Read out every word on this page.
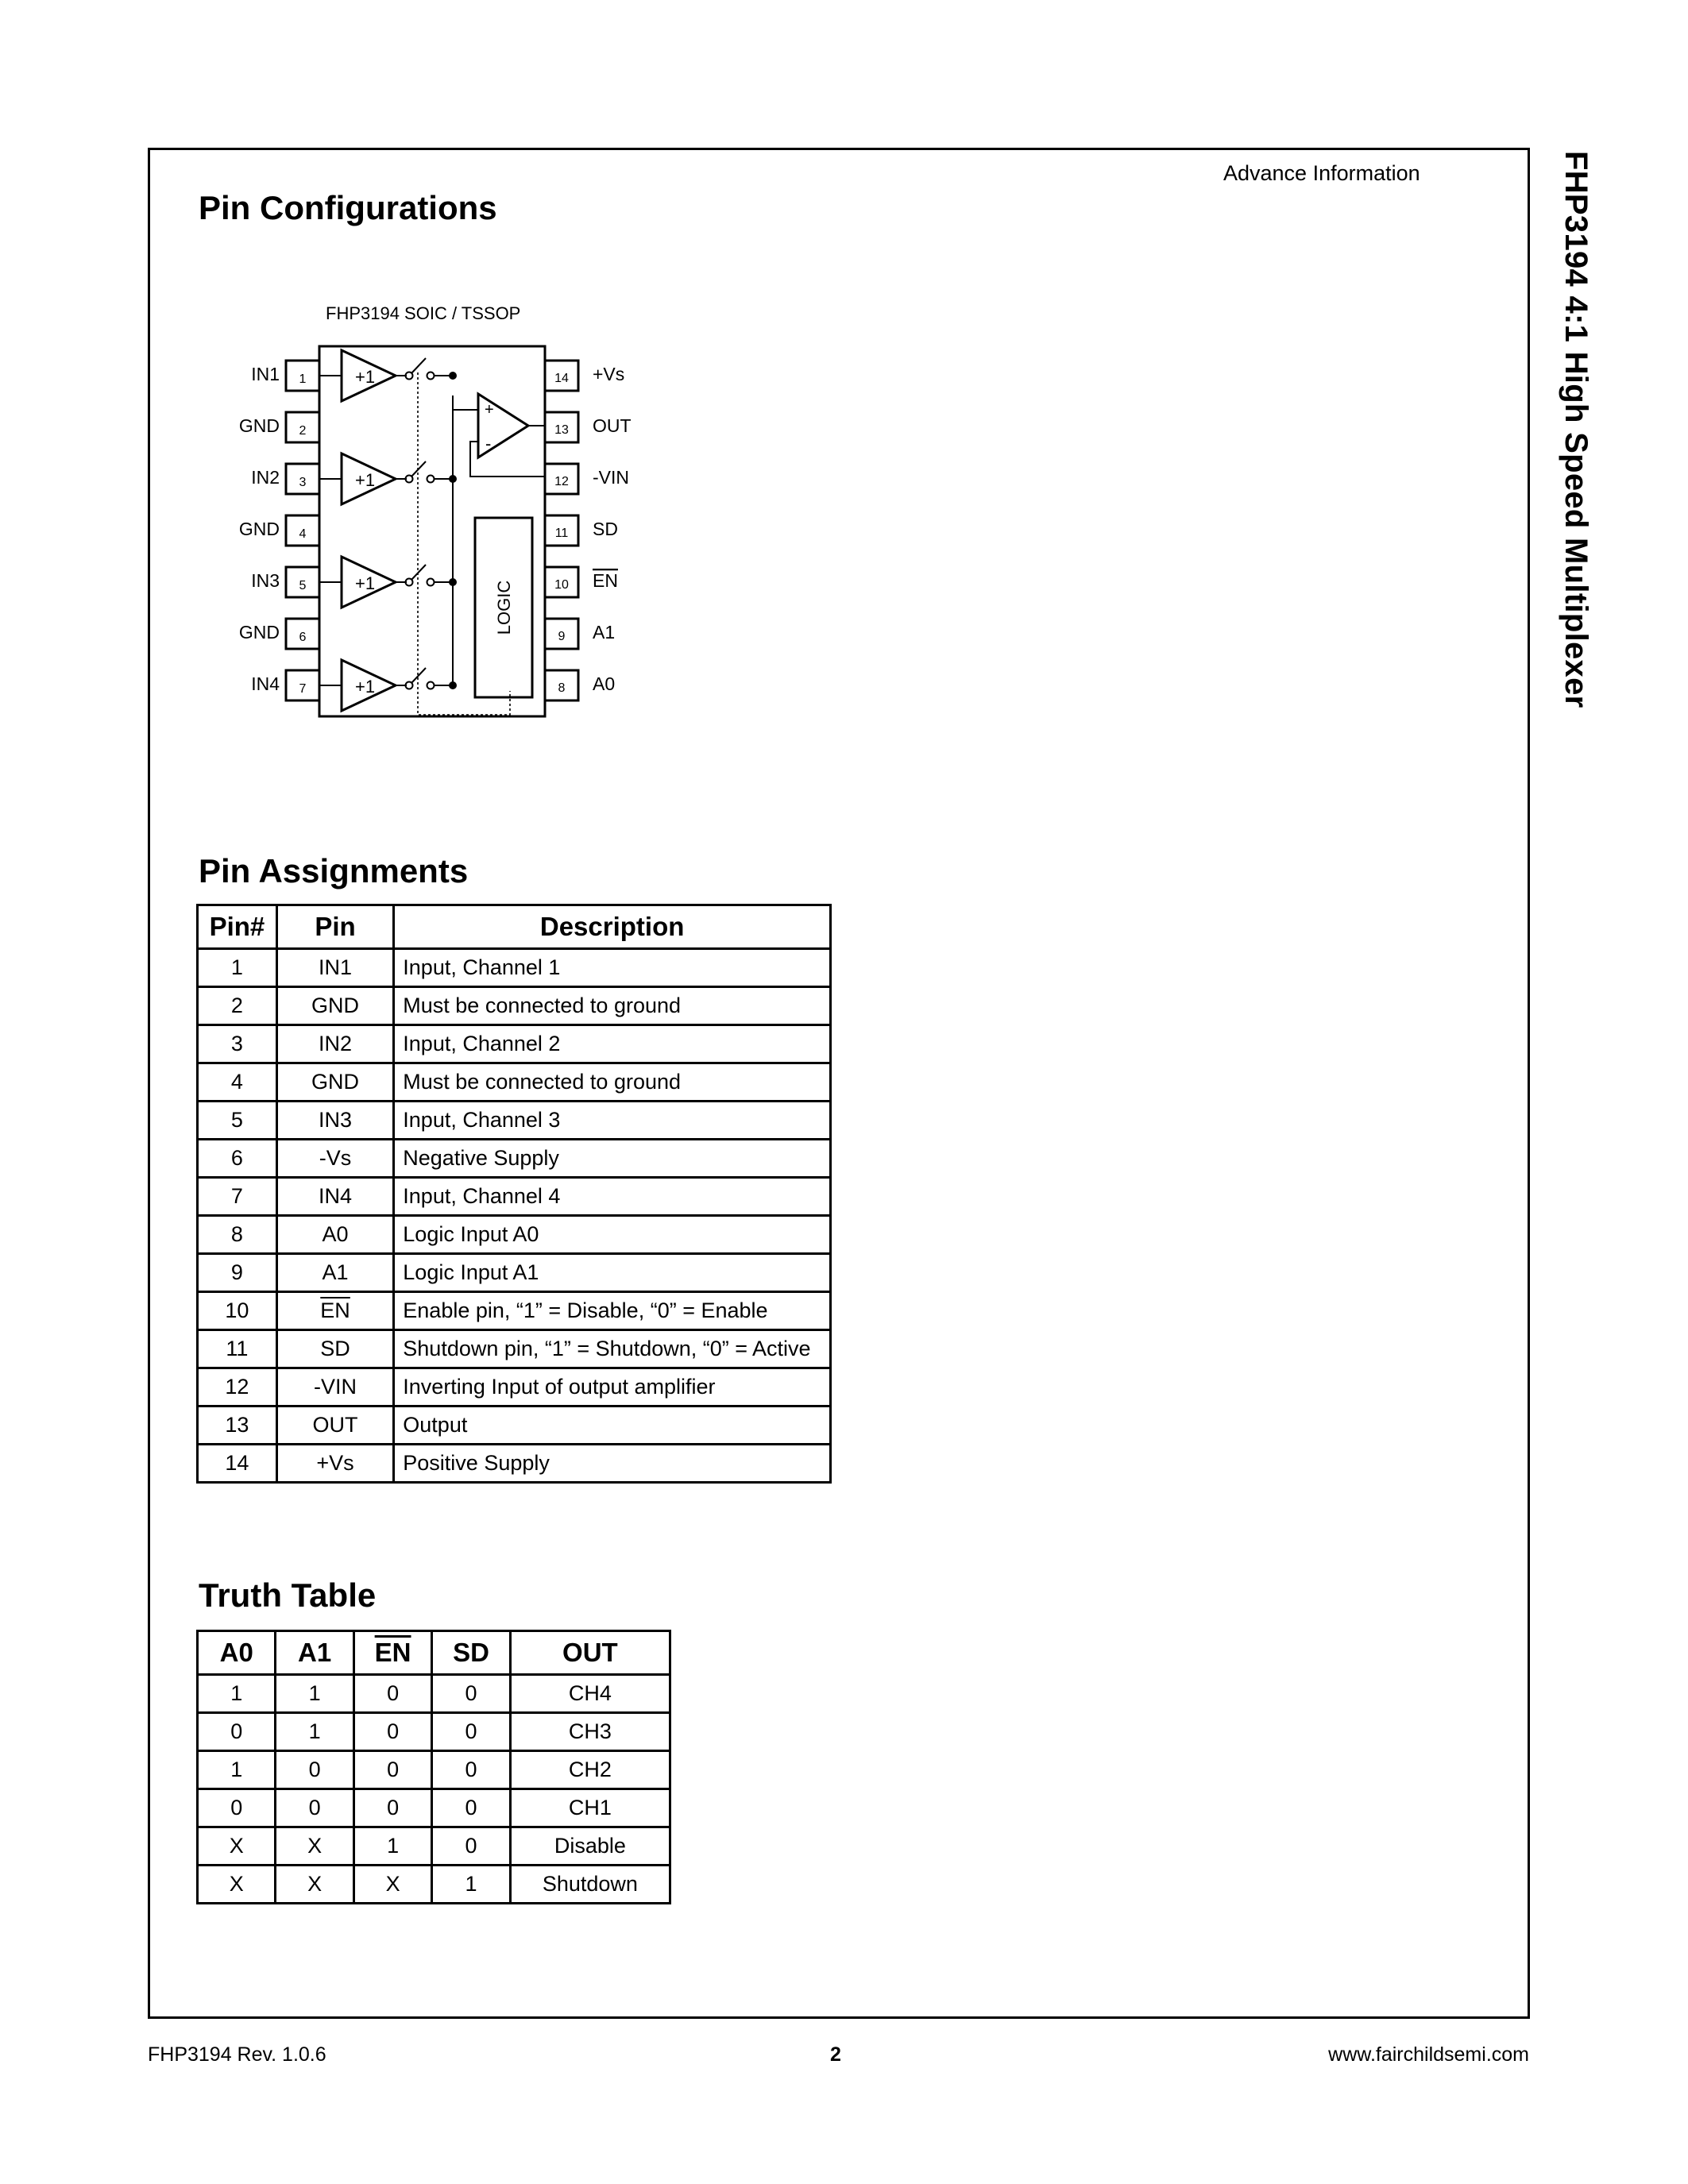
FHP3194 4:1 High Speed Multiplexer
Advance Information
Pin Configurations
FHP3194 SOIC / TSSOP
1
IN1
2
GND
3
IN2
4
GND
5
IN3
6
GND
7
IN4
14 +Vs
13 OUT
12 -VIN
11 SD
10 EN
9 A1
8 A0
+1
+1
+1
+1
+
-
LOGIC
Pin Assignments
Pin#	Pin	Description
1	IN1	Input, Channel 1
2	GND	Must be connected to ground
3	IN2	Input, Channel 2
4	GND	Must be connected to ground
5	IN3	Input, Channel 3
6	-Vs	Negative Supply
7	IN4	Input, Channel 4
8	A0	Logic Input A0
9	A1	Logic Input A1
10	$\overline{EN}$	Enable pin, “1” = Disable, “0” = Enable
11	SD	Shutdown pin, “1” = Shutdown, “0” = Active
12	-VIN	Inverting Input of output amplifier
13	OUT	Output
14	+Vs	Positive Supply
Truth Table
A0	A1	$\overline{EN}$	SD	OUT
1	1	0	0	CH4
0	1	0	0	CH3
1	0	0	0	CH2
0	0	0	0	CH1
X	X	1	0	Disable
X	X	X	1	Shutdown
FHP3194 Rev. 1.0.6	2	www.fairchildsemi.com
